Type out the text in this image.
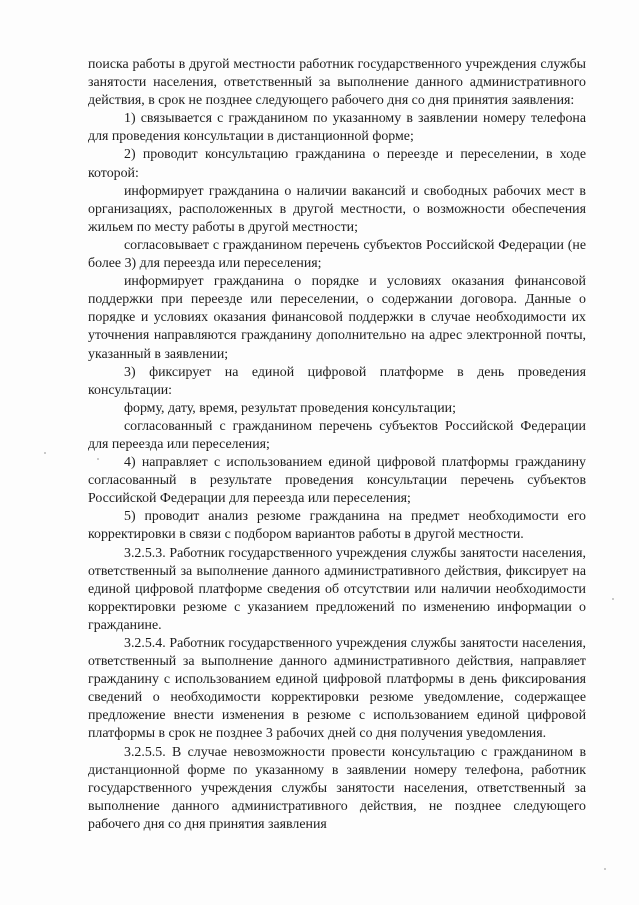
поиска работы в другой местности работник государственного учреждения службы занятости населения, ответственный за выполнение данного административного действия, в срок не позднее следующего рабочего дня со дня принятия заявления:

1) связывается с гражданином по указанному в заявлении номеру телефона для проведения консультации в дистанционной форме;

2) проводит консультацию гражданина о переезде и переселении, в ходе которой:

информирует гражданина о наличии вакансий и свободных рабочих мест в организациях, расположенных в другой местности, о возможности обеспечения жильем по месту работы в другой местности;

согласовывает с гражданином перечень субъектов Российской Федерации (не более 3) для переезда или переселения;

информирует гражданина о порядке и условиях оказания финансовой поддержки при переезде или переселении, о содержании договора. Данные о порядке и условиях оказания финансовой поддержки в случае необходимости их уточнения направляются гражданину дополнительно на адрес электронной почты, указанный в заявлении;

3) фиксирует на единой цифровой платформе в день проведения консультации:

форму, дату, время, результат проведения консультации;

согласованный с гражданином перечень субъектов Российской Федерации для переезда или переселения;

4) направляет с использованием единой цифровой платформы гражданину согласованный в результате проведения консультации перечень субъектов Российской Федерации для переезда или переселения;

5) проводит анализ резюме гражданина на предмет необходимости его корректировки в связи с подбором вариантов работы в другой местности.

3.2.5.3. Работник государственного учреждения службы занятости населения, ответственный за выполнение данного административного действия, фиксирует на единой цифровой платформе сведения об отсутствии или наличии необходимости корректировки резюме с указанием предложений по изменению информации о гражданине.

3.2.5.4. Работник государственного учреждения службы занятости населения, ответственный за выполнение данного административного действия, направляет гражданину с использованием единой цифровой платформы в день фиксирования сведений о необходимости корректировки резюме уведомление, содержащее предложение внести изменения в резюме с использованием единой цифровой платформы в срок не позднее 3 рабочих дней со дня получения уведомления.

3.2.5.5. В случае невозможности провести консультацию с гражданином в дистанционной форме по указанному в заявлении номеру телефона, работник государственного учреждения службы занятости населения, ответственный за выполнение данного административного действия, не позднее следующего рабочего дня со дня принятия заявления
